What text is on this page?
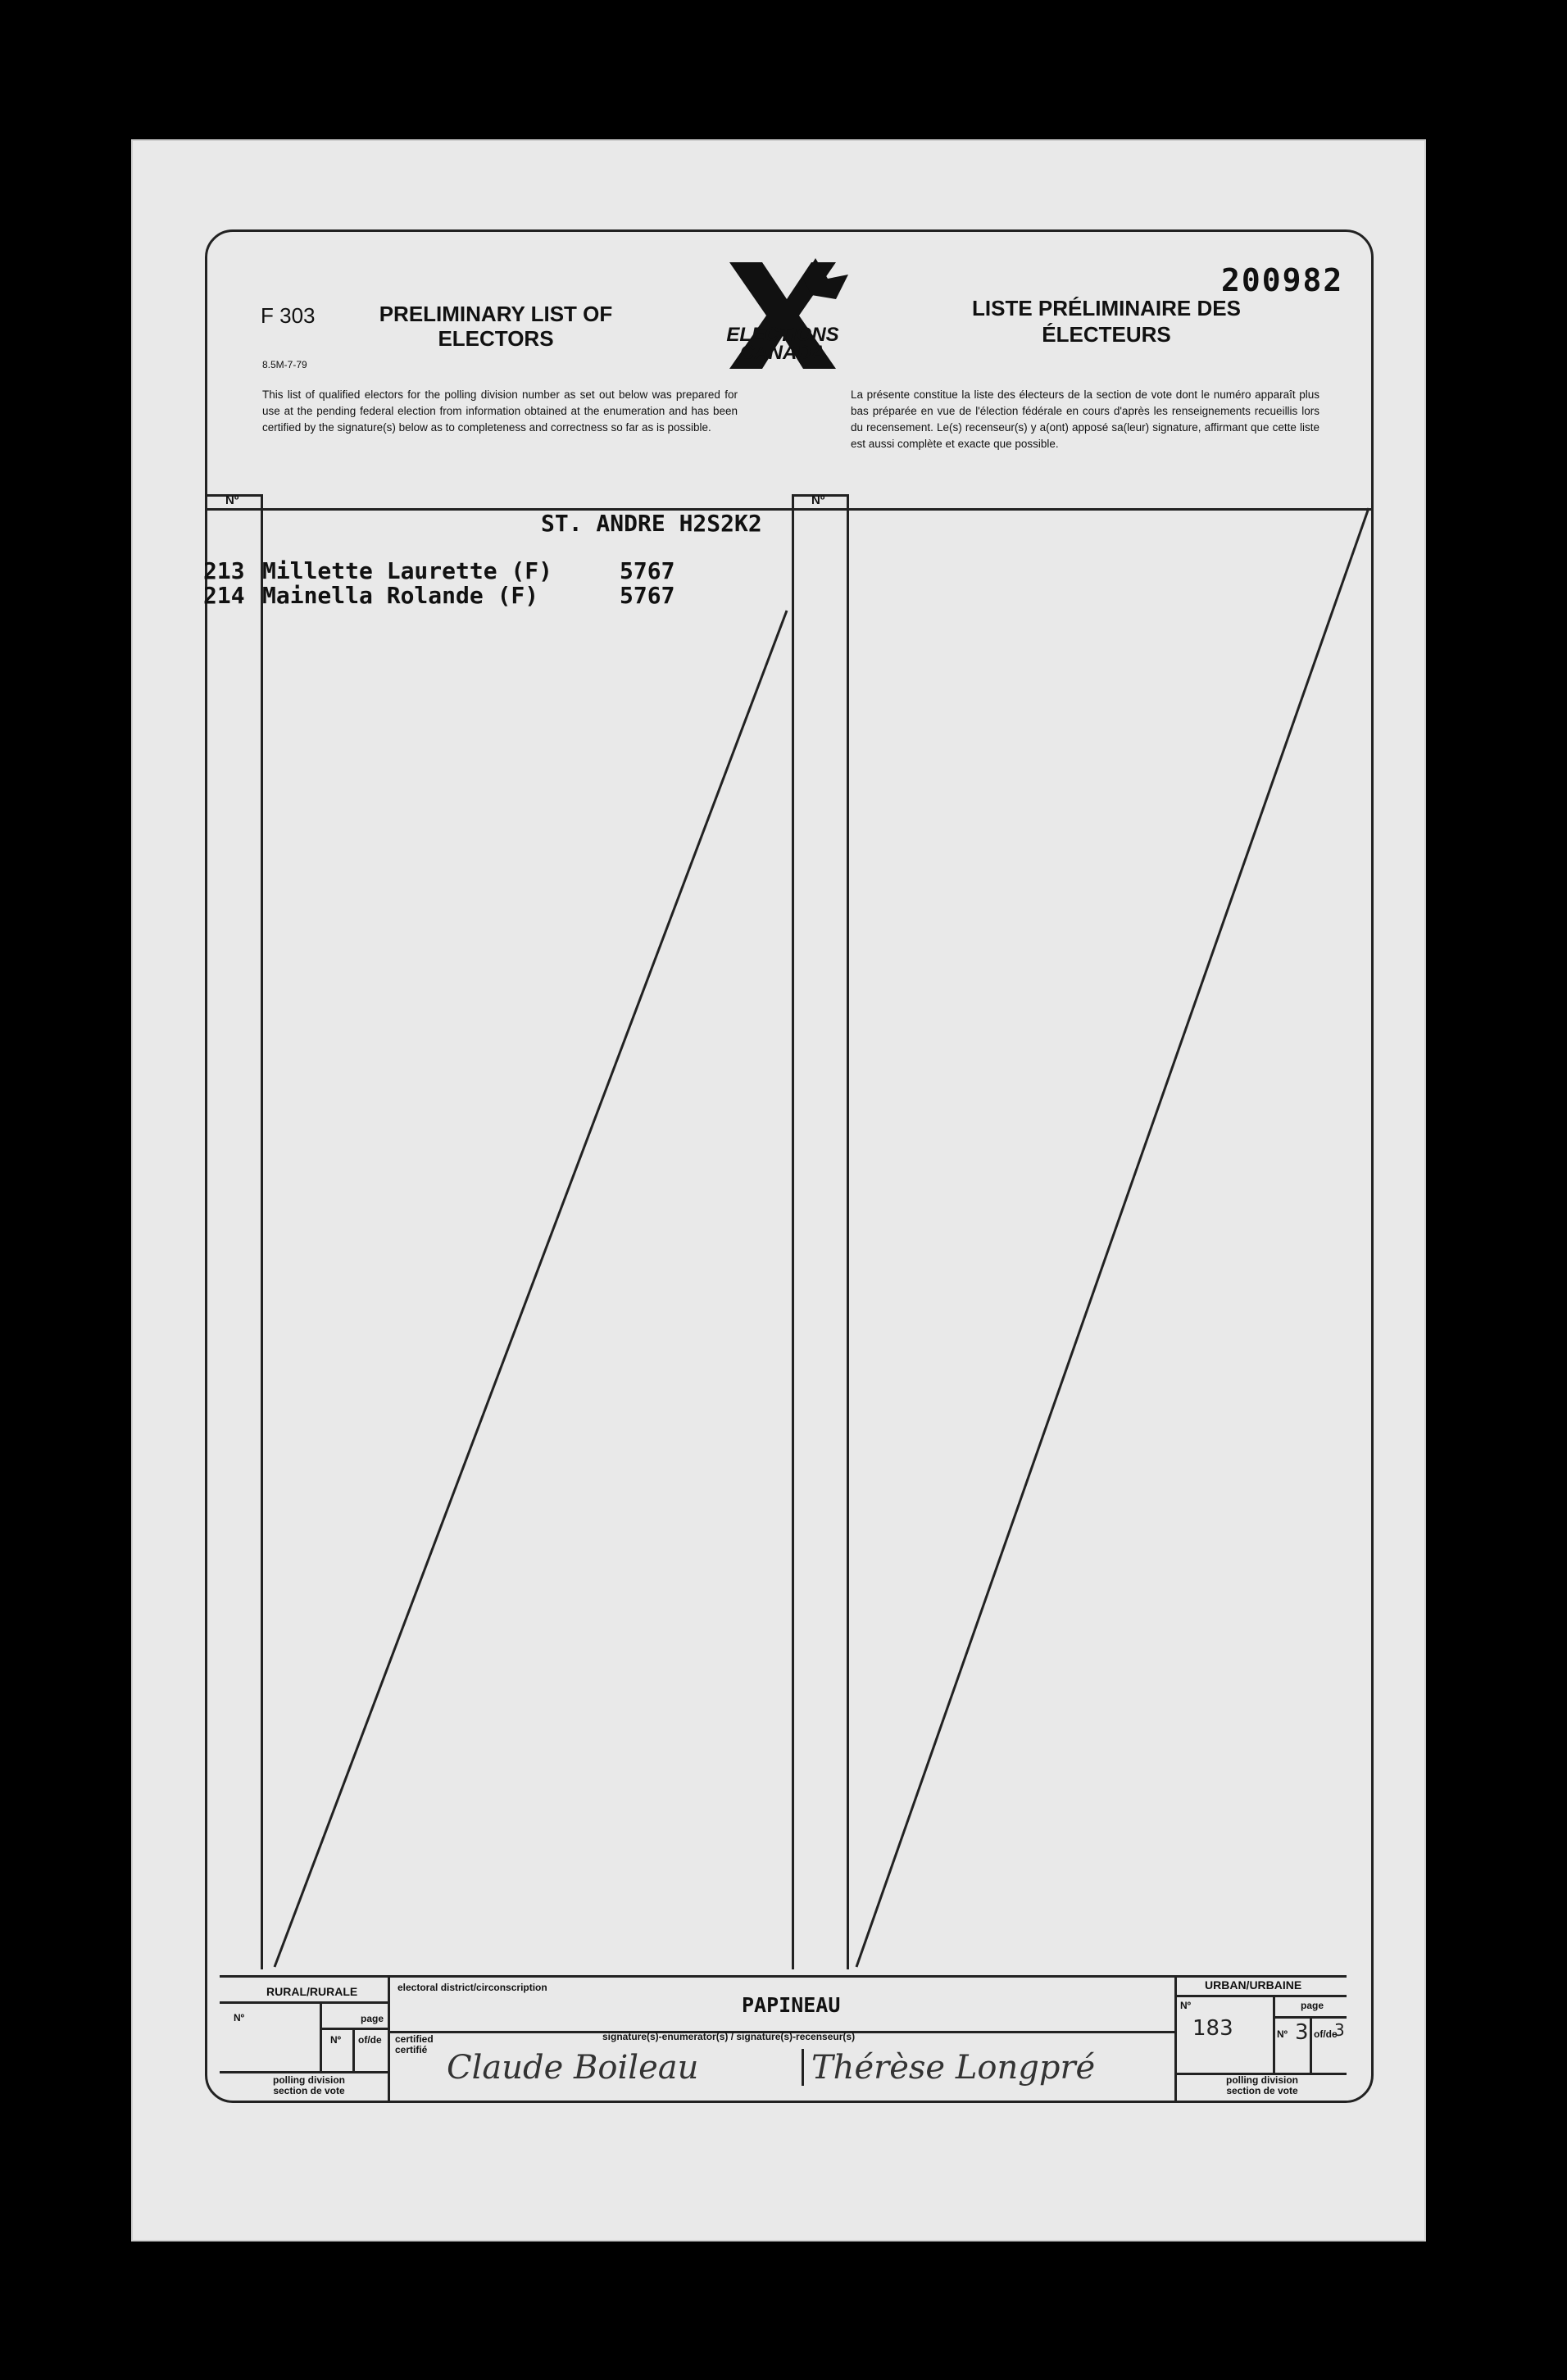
F 303
8.5M-7-79
PRELIMINARY LIST OF ELECTORS	ELECTIONS
CANADA
LISTE PRÉLIMINAIRE DES ÉLECTEURS
200982
This list of qualified electors for the polling division number as set out below was prepared for use at the pending federal election from information obtained at the enumeration and has been certified by the signature(s) below as to completeness and correctness so far as is possible.
La présente constitue la liste des électeurs de la section de vote dont le numéro apparaît plus bas préparée en vue de l'élection fédérale en cours d'après les renseignements recueillis lors du recensement. Le(s) recenseur(s) y a(ont) apposé sa(leur) signature, affirmant que cette liste est aussi complète et exacte que possible.
Nº	Nº
ST. ANDRE H2S2K2
213 Millette Laurette (F)	5767
214 Mainella Rolande (F)	5767
RURAL/RURALE
Nº	page
Nº of/de
polling division section de vote
electoral district/circonscription
PAPINEAU
certified certifié
signature(s)-enumerator(s) / signature(s)-recenseur(s)
Claude Boileau	Thérèse Longpré
URBAN/URBAINE
Nº
183
page
Nº 3 of/de
3
polling division section de vote
